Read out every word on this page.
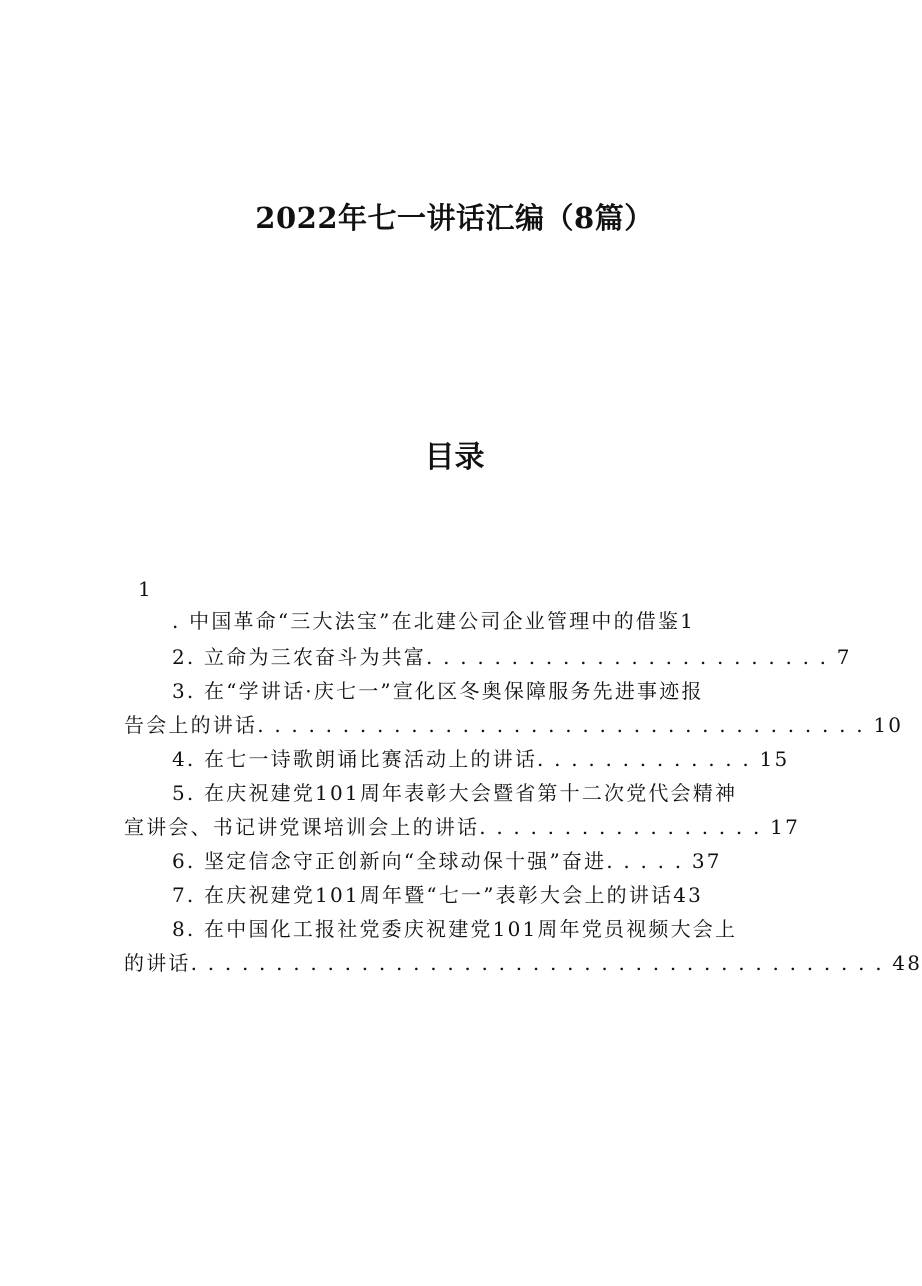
2022年七一讲话汇编（8篇）
目录
1
. 中国革命“三大法宝”在北建公司企业管理中的借鉴1
2. 立命为三农奋斗为共富. . . . . . . . . . . . . . . . . . . . . . . . 7
3. 在“学讲话·庆七一”宣化区冬奥保障服务先进事迹报
告会上的讲话. . . . . . . . . . . . . . . . . . . . . . . . . . . . . . . . . . . . 10
4. 在七一诗歌朗诵比赛活动上的讲话. . . . . . . . . . . . . 15
5. 在庆祝建党101周年表彰大会暨省第十二次党代会精神
宣讲会、书记讲党课培训会上的讲话. . . . . . . . . . . . . . . . . 17
6. 坚定信念守正创新向“全球动保十强”奋进. . . . . 37
7. 在庆祝建党101周年暨“七一”表彰大会上的讲话43
8. 在中国化工报社党委庆祝建党101周年党员视频大会上
的讲话. . . . . . . . . . . . . . . . . . . . . . . . . . . . . . . . . . . . . . . . . 48
